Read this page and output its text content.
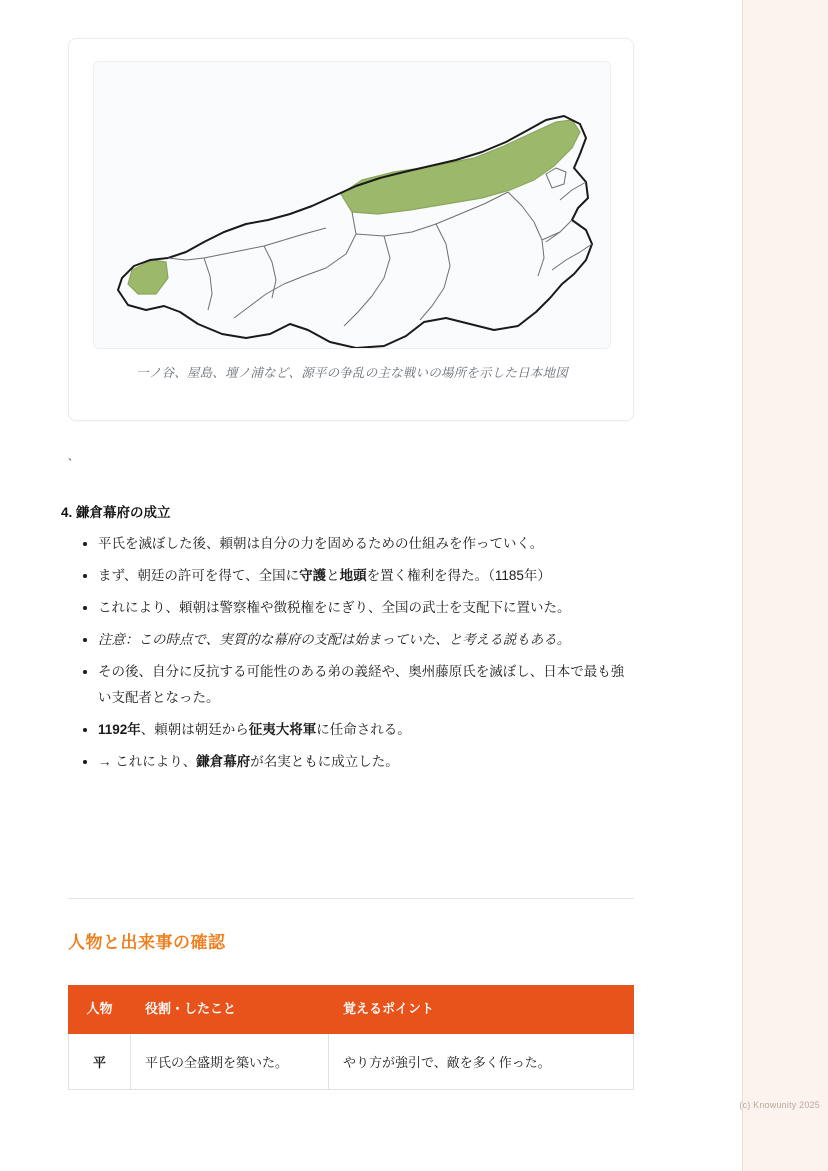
一ノ谷、屋島、壇ノ浦など、源平の争乱の主な戦いの場所を示した日本地図
`
4. 鎌倉幕府の成立
• 平氏を滅ぼした後、頼朝は自分の力を固めるための仕組みを作っていく。
• まず、朝廷の許可を得て、全国に守護と地頭を置く権利を得た。（1185年）
• これにより、頼朝は警察権や徴税権をにぎり、全国の武士を支配下に置いた。
• 注意：この時点で、実質的な幕府の支配は始まっていた、と考える説もある。
• その後、自分に反抗する可能性のある弟の義経や、奥州藤原氏を滅ぼし、日本で最も強い支配者となった。
• 1192年、頼朝は朝廷から征夷大将軍に任命される。
• → これにより、鎌倉幕府が名実ともに成立した。
人物と出来事の確認
人物	役割・したこと	覚えるポイント
平	平氏の全盛期を築いた。	やり方が強引で、敵を多く作った。
(c) Knowunity 2025
